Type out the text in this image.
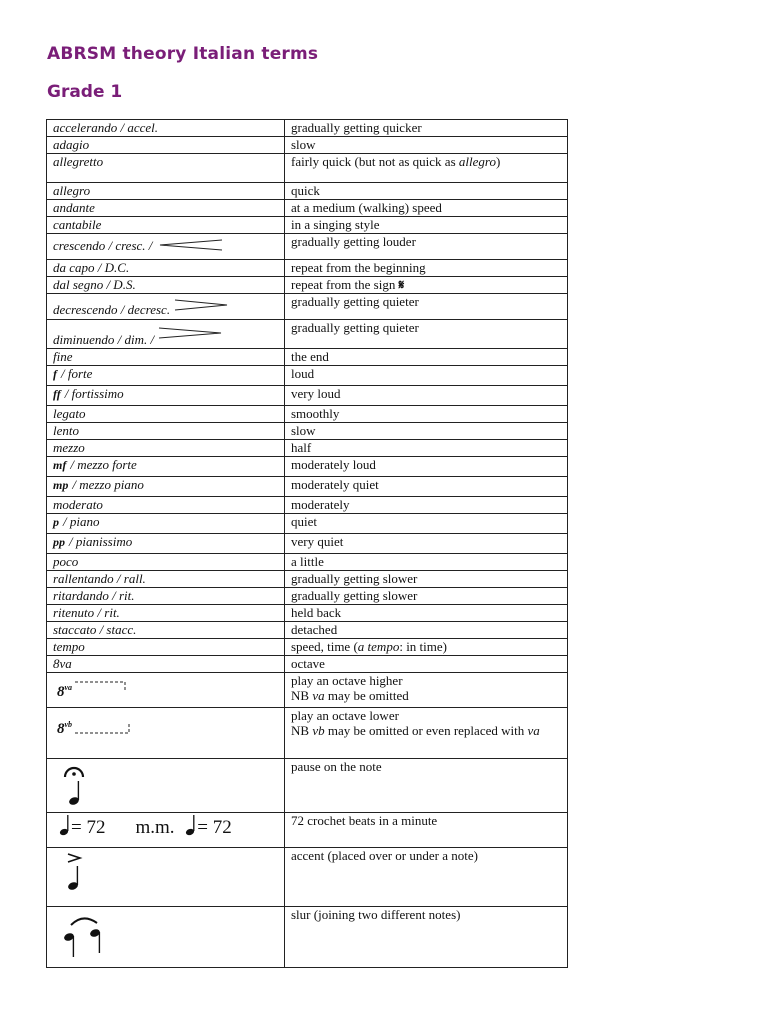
ABRSM theory Italian terms
Grade 1
accelerando / accel.	gradually getting quicker
adagio	slow
allegretto	fairly quick (but not as quick as allegro)
allegro	quick
andante	at a medium (walking) speed
cantabile	in a singing style

crescendo / cresc. /	gradually getting louder
da capo / D.C.	repeat from the beginning
dal segno / D.S.	repeat from the sign 𝄋

decrescendo / decresc.	gradually getting quieter

diminuendo / dim. /	gradually getting quieter
fine	the end
f / forte	loud
ff / fortissimo	very loud
legato	smoothly
lento	slow
mezzo	half
mf / mezzo forte	moderately loud
mp / mezzo piano	moderately quiet
moderato	moderately
p / piano	quiet
pp / pianissimo	very quiet
poco	a little
rallentando / rall.	gradually getting slower
ritardando / rit.	gradually getting slower
ritenuto / rit.	held back
staccato / stacc.	detached
tempo	speed, time (a tempo: in time)
8va	octave
$8^{va}$	play an octave higher
NB va may be omitted
$8^{vb}$	play an octave lower
NB vb may be omitted or even replaced with va
	pause on the note
= 72 m.m. = 72	72 crochet beats in a minute
	accent (placed over or under a note)
	slur (joining two different notes)
